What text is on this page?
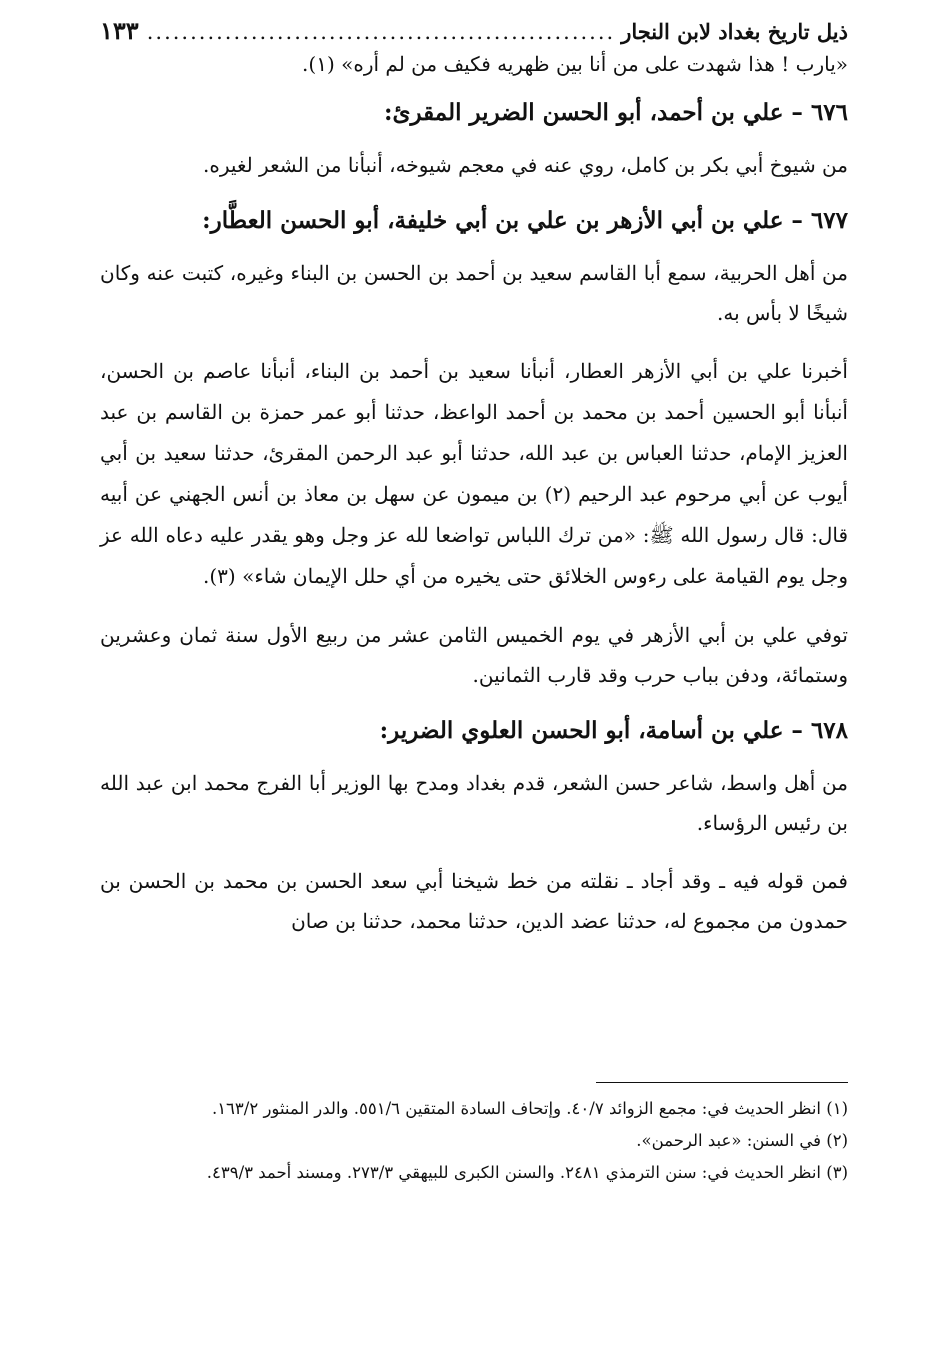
ذيل تاريخ بغداد لابن النجار
......................................................
١٣٣

«يارب ! هذا شهدت على من أنا بين ظهريه فكيف من لم أره» (١).

٦٧٦ – علي بن أحمد، أبو الحسن الضرير المقرئ:

من شيوخ أبي بكر بن كامل، روي عنه في معجم شيوخه، أنبأنا من الشعر لغيره.

٦٧٧ – علي بن أبي الأزهر بن علي بن أبي خليفة، أبو الحسن العطَّار:

من أهل الحربية، سمع أبا القاسم سعيد بن أحمد بن الحسن بن البناء وغيره، كتبت عنه وكان شيخًا لا بأس به.

أخبرنا علي بن أبي الأزهر العطار، أنبأنا سعيد بن أحمد بن البناء، أنبأنا عاصم بن الحسن، أنبأنا أبو الحسين أحمد بن محمد بن أحمد الواعظ، حدثنا أبو عمر حمزة بن القاسم بن عبد العزيز الإمام، حدثنا العباس بن عبد الله، حدثنا أبو عبد الرحمن المقرئ، حدثنا سعيد بن أبي أيوب عن أبي مرحوم عبد الرحيم (٢) بن ميمون عن سهل بن معاذ بن أنس الجهني عن أبيه قال: قال رسول الله ﷺ: «من ترك اللباس تواضعا لله عز وجل وهو يقدر عليه دعاه الله عز وجل يوم القيامة على رءوس الخلائق حتى يخيره من أي حلل الإيمان شاء» (٣).

توفي علي بن أبي الأزهر في يوم الخميس الثامن عشر من ربيع الأول سنة ثمان وعشرين وستمائة، ودفن بباب حرب وقد قارب الثمانين.

٦٧٨ – علي بن أسامة، أبو الحسن العلوي الضرير:

من أهل واسط، شاعر حسن الشعر، قدم بغداد ومدح بها الوزير أبا الفرج محمد ابن عبد الله بن رئيس الرؤساء.

فمن قوله فيه ـ وقد أجاد ـ نقلته من خط شيخنا أبي سعد الحسن بن محمد بن الحسن بن حمدون من مجموع له، حدثنا عضد الدين، حدثنا محمد، حدثنا بن صان

(١) انظر الحديث في: مجمع الزوائد ٤٠/٧. وإتحاف السادة المتقين ٥٥١/٦. والدر المنثور ١٦٣/٢.

(٢) في السنن: «عبد الرحمن».

(٣) انظر الحديث في: سنن الترمذي ٢٤٨١. والسنن الكبرى للبيهقي ٢٧٣/٣. ومسند أحمد ٤٣٩/٣.
